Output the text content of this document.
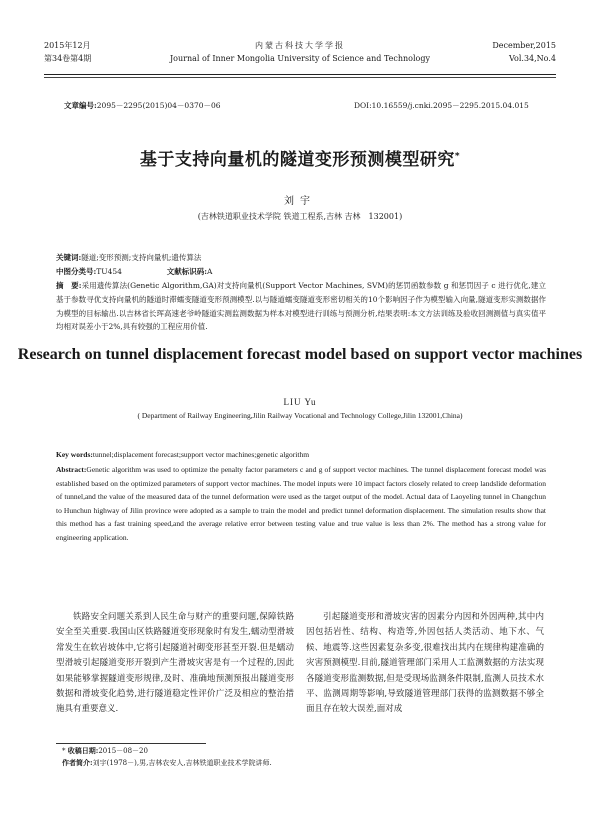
2015年12月
第34卷第4期
内蒙古科技大学学报
Journal of Inner Mongolia University of Science and Technology
December,2015
Vol.34,No.4
文章编号:2095－2295(2015)04－0370－06	DOI:10.16559/j.cnki.2095－2295.2015.04.015
基于支持向量机的隧道变形预测模型研究*
刘宇
(吉林铁道职业技术学院 铁道工程系,吉林 吉林　132001)
关键词:隧道;变形预测;支持向量机;遗传算法
中图分类号:TU454	文献标识码:A
摘　要:采用遗传算法(Genetic Algorithm,GA)对支持向量机(Support Vector Machines, SVM)的惩罚函数参数 g 和惩罚因子 c 进行优化,建立基于参数寻优支持向量机的隧道时滞蠕变隧道变形预测模型.以与隧道蠕变隧道变形密切相关的10个影响因子作为模型输入向量,隧道变形实测数据作为模型的目标输出.以吉林省长珲高速老爷岭隧道实测监测数据为样本对模型进行训练与预测分析,结果表明:本文方法训练及验收回测测值与真实值平均相对误差小于2%,具有较强的工程应用价值.
Research on tunnel displacement forecast model based on support vector machines
LIU Yu
( Department of Railway Engineering,Jilin Railway Vocational and Technology College,Jilin 132001,China)
Key words:tunnel;displacement forecast;support vector machines;genetic algorithm
Abstract:Genetic algorithm was used to optimize the penalty factor parameters c and g of support vector machines. The tunnel displacement forecast model was established based on the optimized parameters of support vector machines. The model inputs were 10 impact factors closely related to creep landslide deformation of tunnel,and the value of the measured data of the tunnel deformation were used as the target output of the model. Actual data of Laoyeling tunnel in Changchun to Hunchun highway of Jilin province were adopted as a sample to train the model and predict tunnel deformation displacement. The simulation results show that this method has a fast training speed,and the average relative error between testing value and true value is less than 2%. The method has a strong value for engineering application.

铁路安全问题关系到人民生命与财产的重要问题,保障铁路安全至关重要.我国山区铁路隧道变形现象时有发生,蠕动型滑坡常发生在软岩坡体中,它将引起隧道衬砌变形甚至开裂.但是蠕动型滑坡引起隧道变形开裂到产生滑坡灾害是有一个过程的,因此如果能够掌握隧道变形规律,及时、准确地预测预报出隧道变形数据和滑坡变化趋势,进行隧道稳定性评价广泛及相应的整治措施具有重要意义.

引起隧道变形和滑坡灾害的因素分内因和外因两种,其中内因包括岩性、结构、构造等,外因包括人类活动、地下水、气候、地震等.这些因素复杂多变,很难找出其内在规律构建准确的灾害预测模型.目前,隧道管理部门采用人工监测数据的方法实现各隧道变形监测数据,但是受现场监测条件限制,监测人员技术水平、监测周期等影响,导致隧道管理部门获得的监测数据不够全面且存在较大误差,面对成

* 收稿日期:2015－08－20
作者简介:刘宇(1978－),男,吉林农安人,吉林铁道职业技术学院讲师.
